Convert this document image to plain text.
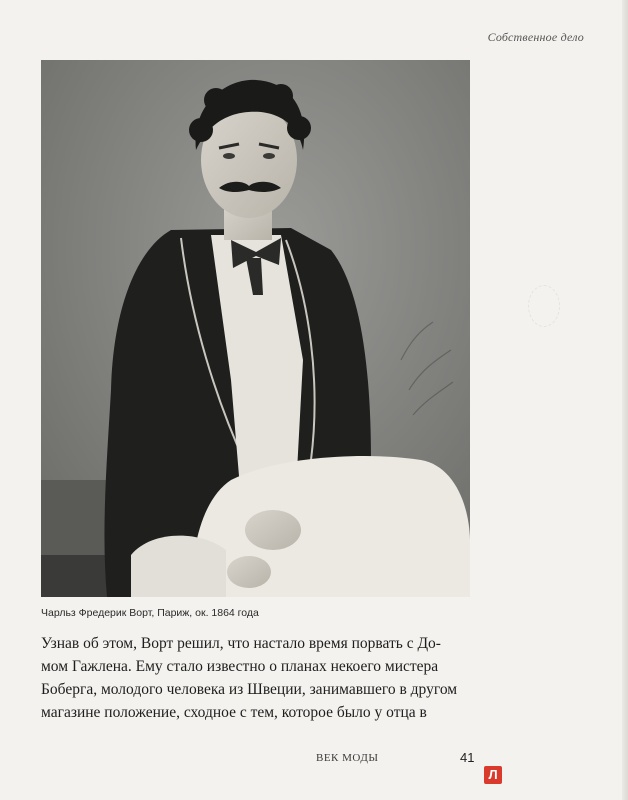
Собственное дело
Чарльз Фредерик Ворт, Париж, ок. 1864 года
Узнав об этом, Ворт решил, что настало время порвать с До-
мом Гажлена. Ему стало известно о планах некоего мистера
Боберга, молодого человека из Швеции, занимавшего в другом
магазине положение, сходное с тем, которое было у отца в
ВЕК МОДЫ	41
Л
